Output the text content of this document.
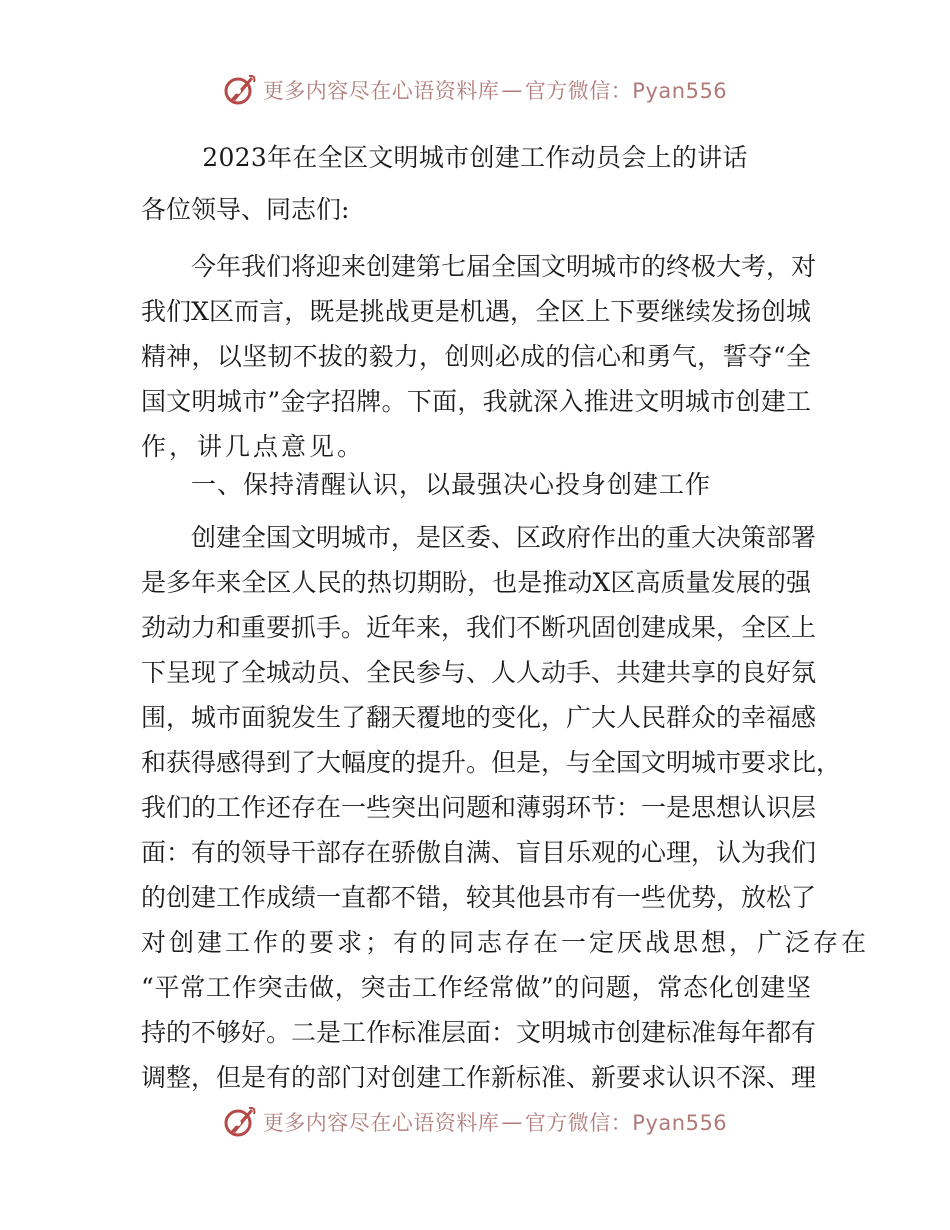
更多内容尽在心语资料库 — 官方微信：Pyan556
2023年在全区文明城市创建工作动员会上的讲话
各位领导、同志们:
今年我们将迎来创建第七届全国文明城市的终极大考，对
我们X区而言，既是挑战更是机遇，全区上下要继续发扬创城
精神，以坚韧不拔的毅力，创则必成的信心和勇气，誓夺“全
国文明城市”金字招牌。下面，我就深入推进文明城市创建工
作，讲几点意见。
一、保持清醒认识，以最强决心投身创建工作
创建全国文明城市，是区委、区政府作出的重大决策部署
是多年来全区人民的热切期盼，也是推动X区高质量发展的强
劲动力和重要抓手。近年来，我们不断巩固创建成果，全区上
下呈现了全城动员、全民参与、人人动手、共建共享的良好氛
围，城市面貌发生了翻天覆地的变化，广大人民群众的幸福感
和获得感得到了大幅度的提升。但是，与全国文明城市要求比，
我们的工作还存在一些突出问题和薄弱环节：一是思想认识层
面：有的领导干部存在骄傲自满、盲目乐观的心理，认为我们
的创建工作成绩一直都不错，较其他县市有一些优势，放松了
对创建工作的要求；有的同志存在一定厌战思想，广泛存在
“平常工作突击做，突击工作经常做”的问题，常态化创建坚
持的不够好。二是工作标准层面：文明城市创建标准每年都有
调整，但是有的部门对创建工作新标准、新要求认识不深、理
更多内容尽在心语资料库 — 官方微信：Pyan556
